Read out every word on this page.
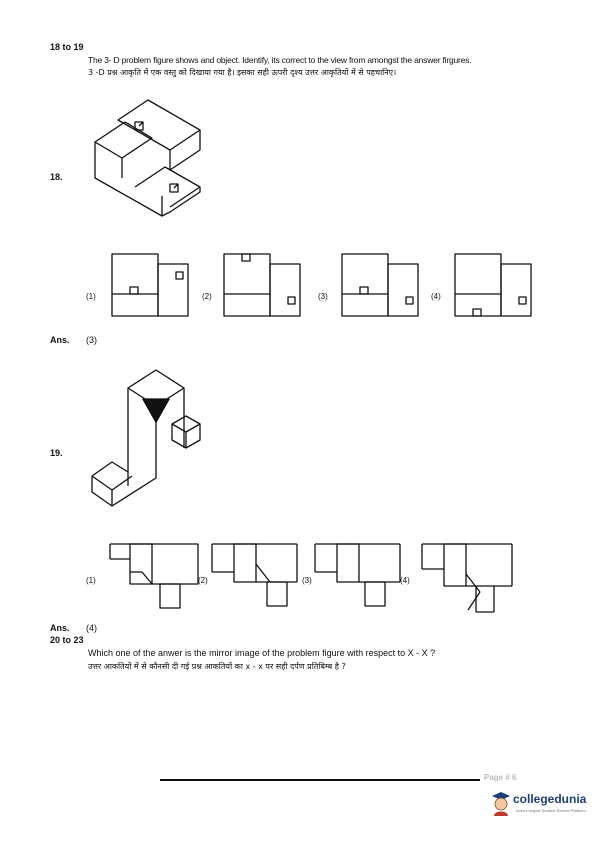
18 to 19
The 3- D problem figure shows and object. Identify, its correct to the view from amongst the answer firgures.
3 -D प्रश्न आकृति में एक वस्तु को दिखाया गया है। इसका सही ऊपरी दृश्य उत्तर आकृतियों में से पहचानिए।
18.
(1)	(2)	(3)	(4)
Ans. (3)
19.
(1)	(2)	(3)	(4)
Ans. (4)
20 to 23
Which one of the anwer is the mirror image of the problem figure with respect to X - X ?
उत्तर आकतियों में से कौनसी दी गई प्रश्न आकतियों का x - x पर सही दर्पण प्रतिबिम्ब है ?
Page # 6
collegedunia
India's largest Student Review Platform
